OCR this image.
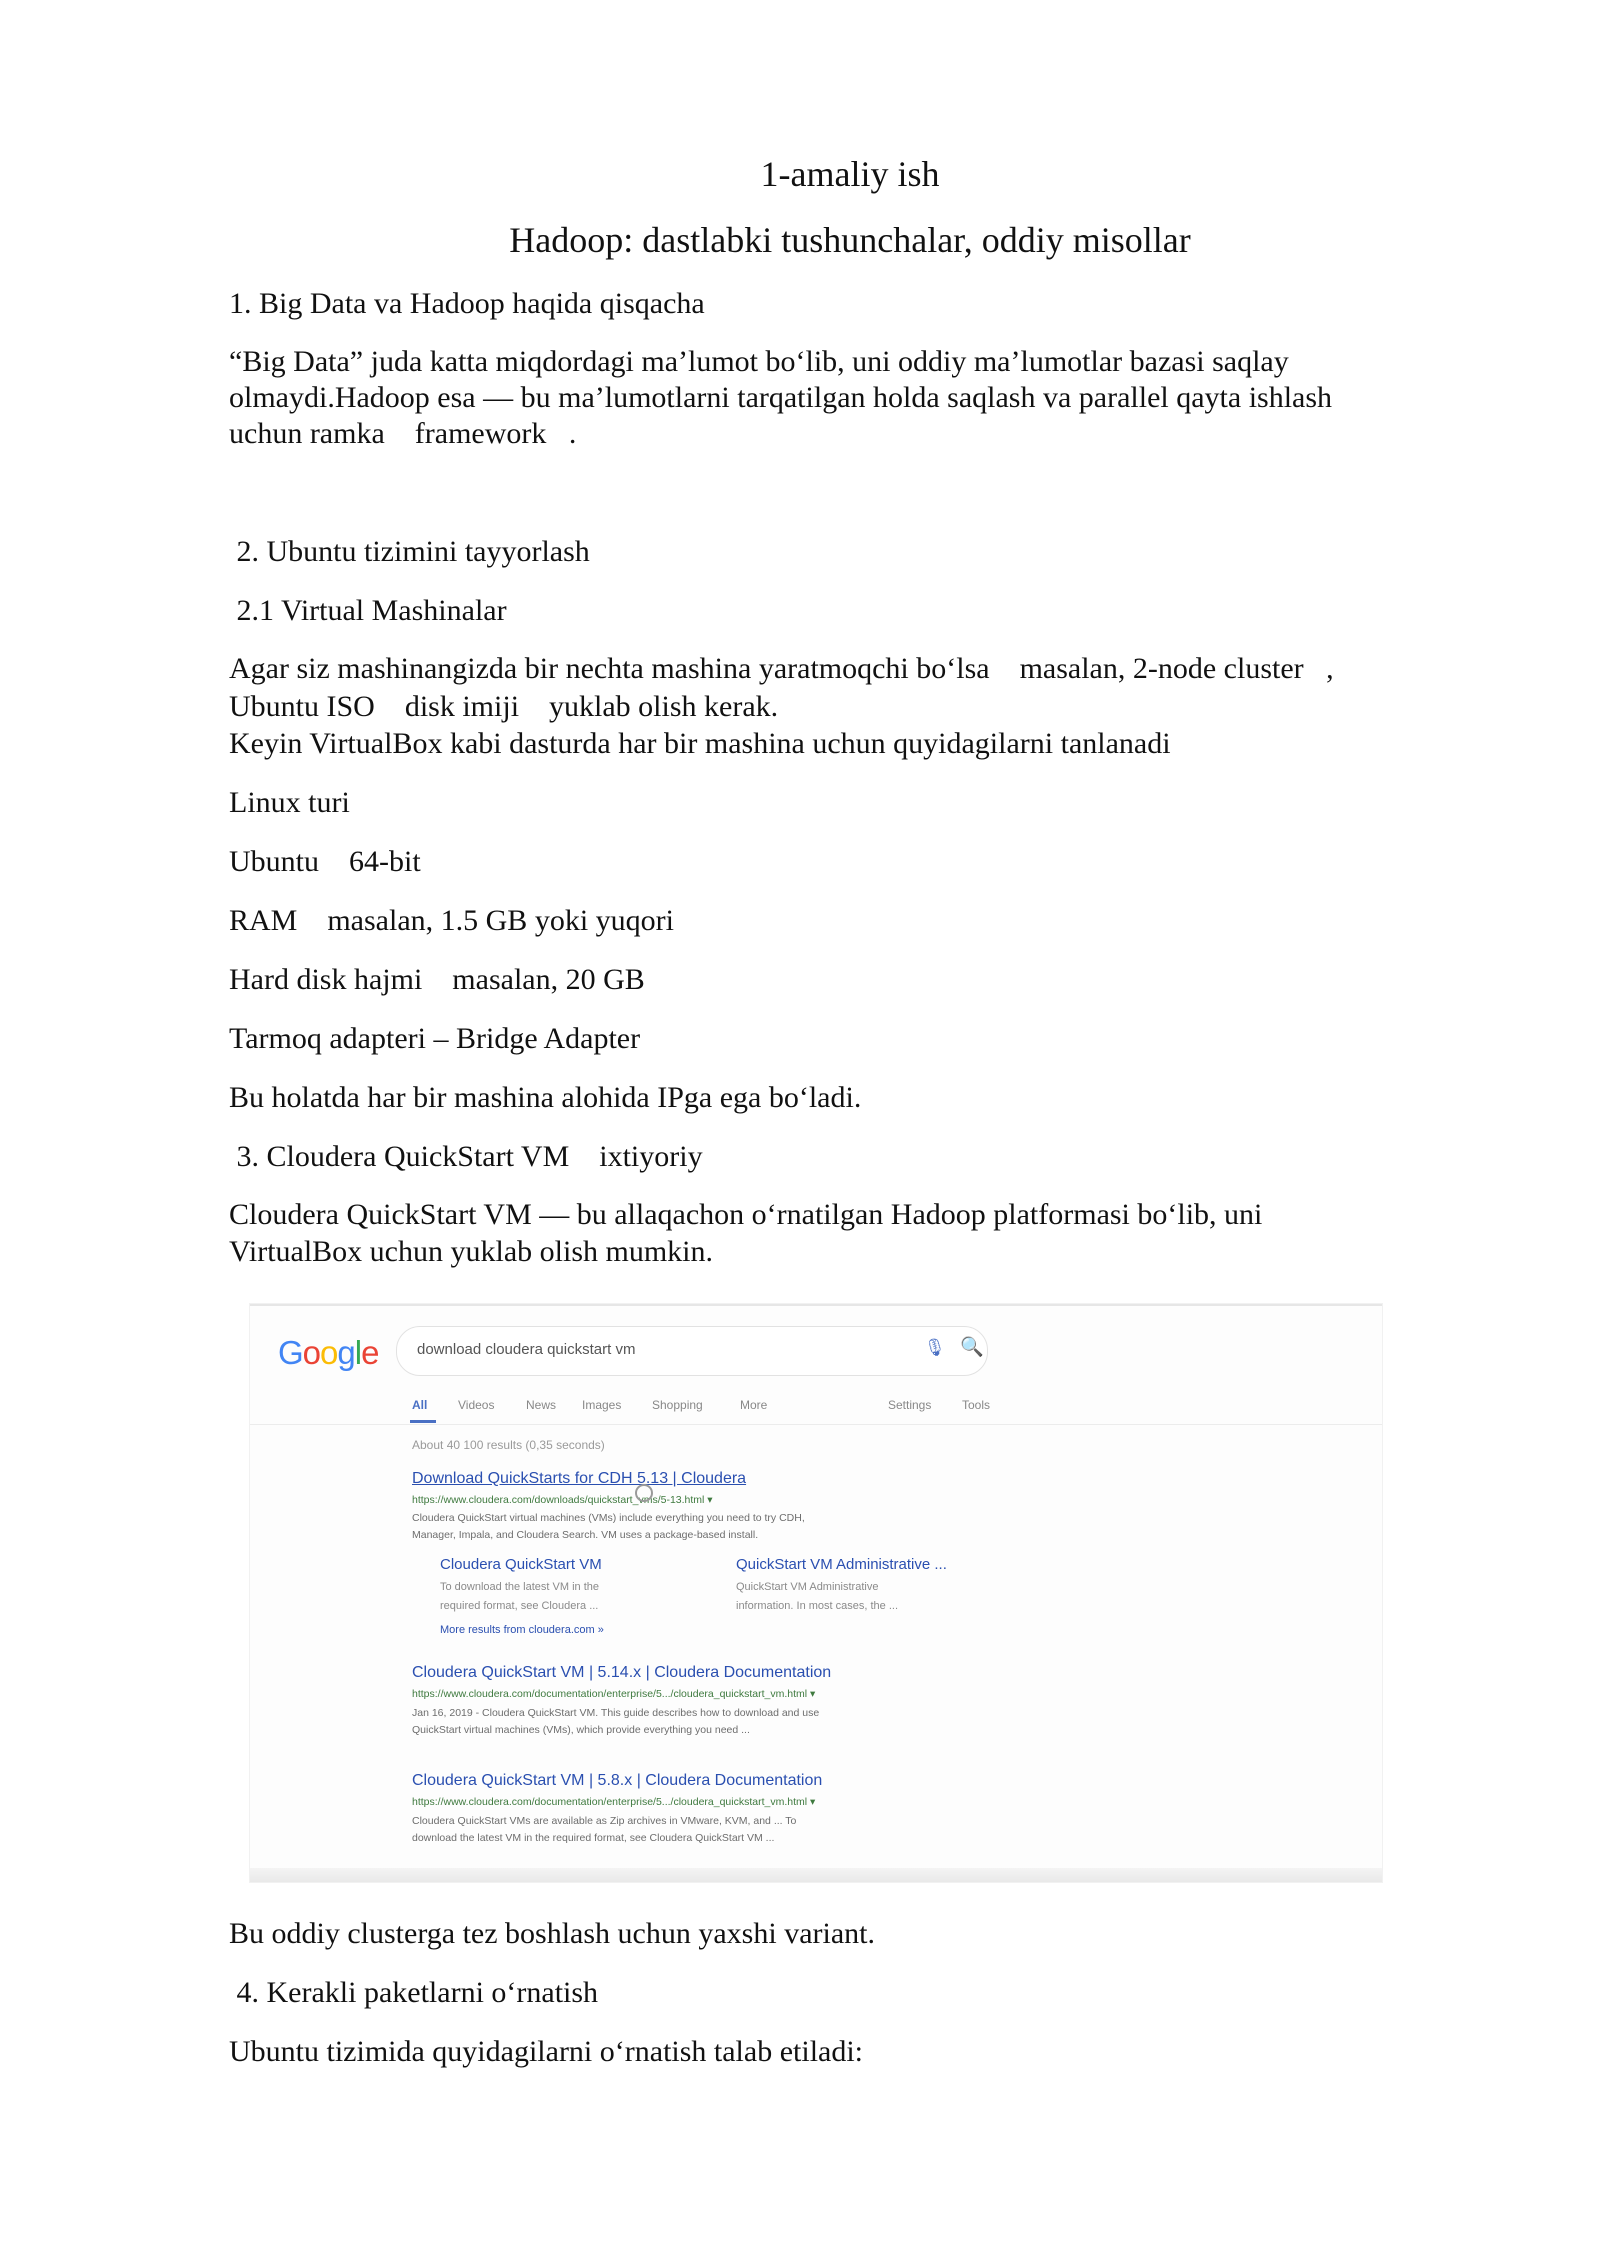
1-amaliy ish
Hadoop: dastlabki tushunchalar, oddiy misollar
1. Big Data va Hadoop haqida qisqacha
“Big Data” juda katta miqdordagi ma’lumot bo‘lib, uni oddiy ma’lumotlar bazasi saqlay
olmaydi.Hadoop esa — bu ma’lumotlarni tarqatilgan holda saqlash va parallel qayta ishlash
uchun ramka    framework   .
2. Ubuntu tizimini tayyorlash
2.1 Virtual Mashinalar
Agar siz mashinangizda bir nechta mashina yaratmoqchi bo‘lsa    masalan, 2-node cluster   ,
Ubuntu ISO    disk imiji    yuklab olish kerak.
Keyin VirtualBox kabi dasturda har bir mashina uchun quyidagilarni tanlanadi
Linux turi
Ubuntu    64-bit
RAM    masalan, 1.5 GB yoki yuqori
Hard disk hajmi    masalan, 20 GB
Tarmoq adapteri – Bridge Adapter
Bu holatda har bir mashina alohida IPga ega bo‘ladi.
3. Cloudera QuickStart VM    ixtiyoriy
Cloudera QuickStart VM — bu allaqachon o‘rnatilgan Hadoop platformasi bo‘lib, uni
VirtualBox uchun yuklab olish mumkin.
Google	download cloudera quickstart vm	🎙 🔍
All	Videos	News Images	Shopping	More	Settings	Tools
About 40 100 results (0,35 seconds)
Download QuickStarts for CDH 5.13 | Cloudera
https://www.cloudera.com/downloads/quickstart_vms/5-13.html ▾
Cloudera QuickStart virtual machines (VMs) include everything you need to try CDH,
Manager, Impala, and Cloudera Search. VM uses a package-based install.
Cloudera QuickStart VM
To download the latest VM in the
required format, see Cloudera ...
QuickStart VM Administrative ...
QuickStart VM Administrative
information. In most cases, the ...
More results from cloudera.com »
Cloudera QuickStart VM | 5.14.x | Cloudera Documentation
https://www.cloudera.com/documentation/enterprise/5.../cloudera_quickstart_vm.html ▾
Jan 16, 2019 - Cloudera QuickStart VM. This guide describes how to download and use
QuickStart virtual machines (VMs), which provide everything you need ...
Cloudera QuickStart VM | 5.8.x | Cloudera Documentation
https://www.cloudera.com/documentation/enterprise/5.../cloudera_quickstart_vm.html ▾
Cloudera QuickStart VMs are available as Zip archives in VMware, KVM, and ... To
download the latest VM in the required format, see Cloudera QuickStart VM ...
Bu oddiy clusterga tez boshlash uchun yaxshi variant.
4. Kerakli paketlarni o‘rnatish
Ubuntu tizimida quyidagilarni o‘rnatish talab etiladi:
